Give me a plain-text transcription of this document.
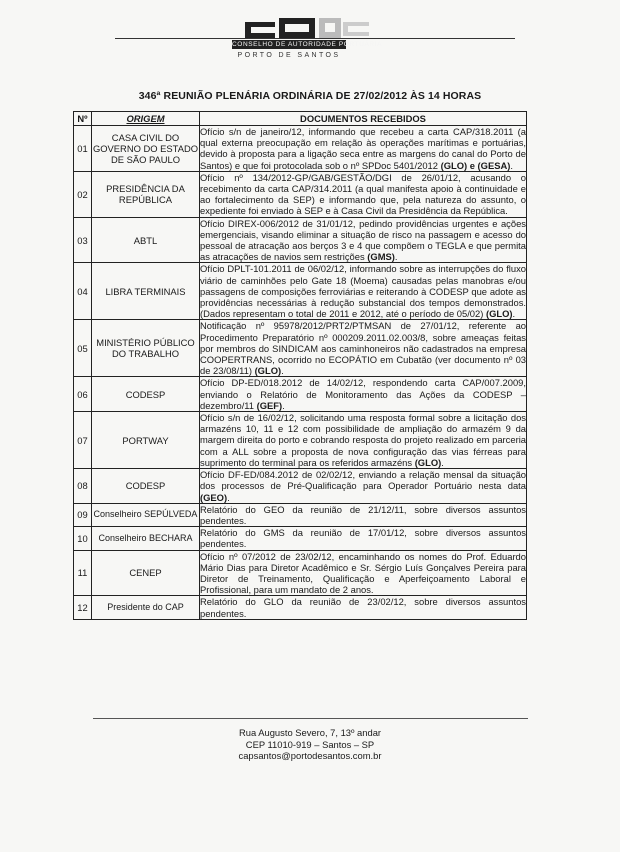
CONSELHO DE AUTORIDADE PORTUÁRIA
PORTO DE SANTOS
346ª REUNIÃO PLENÁRIA ORDINÁRIA DE 27/02/2012 ÀS 14 HORAS
Nº	ORIGEM	DOCUMENTOS RECEBIDOS
01	CASA CIVIL DO GOVERNO DO ESTADO DE SÃO PAULO	Ofício s/n de janeiro/12, informando que recebeu a carta CAP/318.2011 (a qual externa preocupação em relação às operações marítimas e portuárias, devido à proposta para a ligação seca entre as margens do canal do Porto de Santos) e que foi protocolada sob o nº SPDoc 5401/2012 (GLO) e (GESA).
02	PRESIDÊNCIA DA REPÚBLICA	Ofício nº 134/2012-GP/GAB/GESTÃO/DGI de 26/01/12, acusando o recebimento da carta CAP/314.2011 (a qual manifesta apoio à continuidade e ao fortalecimento da SEP) e informando que, pela natureza do assunto, o expediente foi enviado à SEP e à Casa Civil da Presidência da República.
03	ABTL	Ofício DIREX-006/2012 de 31/01/12, pedindo providências urgentes e ações emergenciais, visando eliminar a situação de risco na passagem e acesso do pessoal de atracação aos berços 3 e 4 que compõem o TEGLA e que permita as atracações de navios sem restrições (GMS).
04	LIBRA TERMINAIS	Ofício DPLT-101.2011 de 06/02/12, informando sobre as interrupções do fluxo viário de caminhões pelo Gate 18 (Moema) causadas pelas manobras e/ou passagens de composições ferroviárias e reiterando à CODESP que adote as providências necessárias à redução substancial dos tempos demonstrados. (Dados representam o total de 2011 e 2012, até o período de 05/02) (GLO).
05	MINISTÉRIO PÚBLICO DO TRABALHO	Notificação nº 95978/2012/PRT2/PTMSAN de 27/01/12, referente ao Procedimento Preparatório nº 000209.2011.02.003/8, sobre ameaças feitas por membros do SINDICAM aos caminhoneiros não cadastrados na empresa COOPERTRANS, ocorrido no ECOPÁTIO em Cubatão (ver documento nº 03 de 23/08/11) (GLO).
06	CODESP	Ofício DP-ED/018.2012 de 14/02/12, respondendo carta CAP/007.2009, enviando o Relatório de Monitoramento das Ações da CODESP – dezembro/11 (GEF).
07	PORTWAY	Ofício s/n de 16/02/12, solicitando uma resposta formal sobre a licitação dos armazéns 10, 11 e 12 com possibilidade de ampliação do armazém 9 da margem direita do porto e cobrando resposta do projeto realizado em parceria com a ALL sobre a proposta de nova configuração das vias férreas para suprimento do terminal para os referidos armazéns (GLO).
08	CODESP	Ofício DF-ED/084.2012 de 02/02/12, enviando a relação mensal da situação dos processos de Pré-Qualificação para Operador Portuário nesta data (GEO).
09	Conselheiro SEPÚLVEDA	Relatório do GEO da reunião de 21/12/11, sobre diversos assuntos pendentes.
10	Conselheiro BECHARA	Relatório do GMS da reunião de 17/01/12, sobre diversos assuntos pendentes.
11	CENEP	Ofício nº 07/2012 de 23/02/12, encaminhando os nomes do Prof. Eduardo Mário Dias para Diretor Acadêmico e Sr. Sérgio Luís Gonçalves Pereira para Diretor de Treinamento, Qualificação e Aperfeiçoamento Laboral e Profissional, para um mandato de 2 anos.
12	Presidente do CAP	Relatório do GLO da reunião de 23/02/12, sobre diversos assuntos pendentes.
Rua Augusto Severo, 7, 13º andar
CEP 11010-919 – Santos – SP
capsantos@portodesantos.com.br
